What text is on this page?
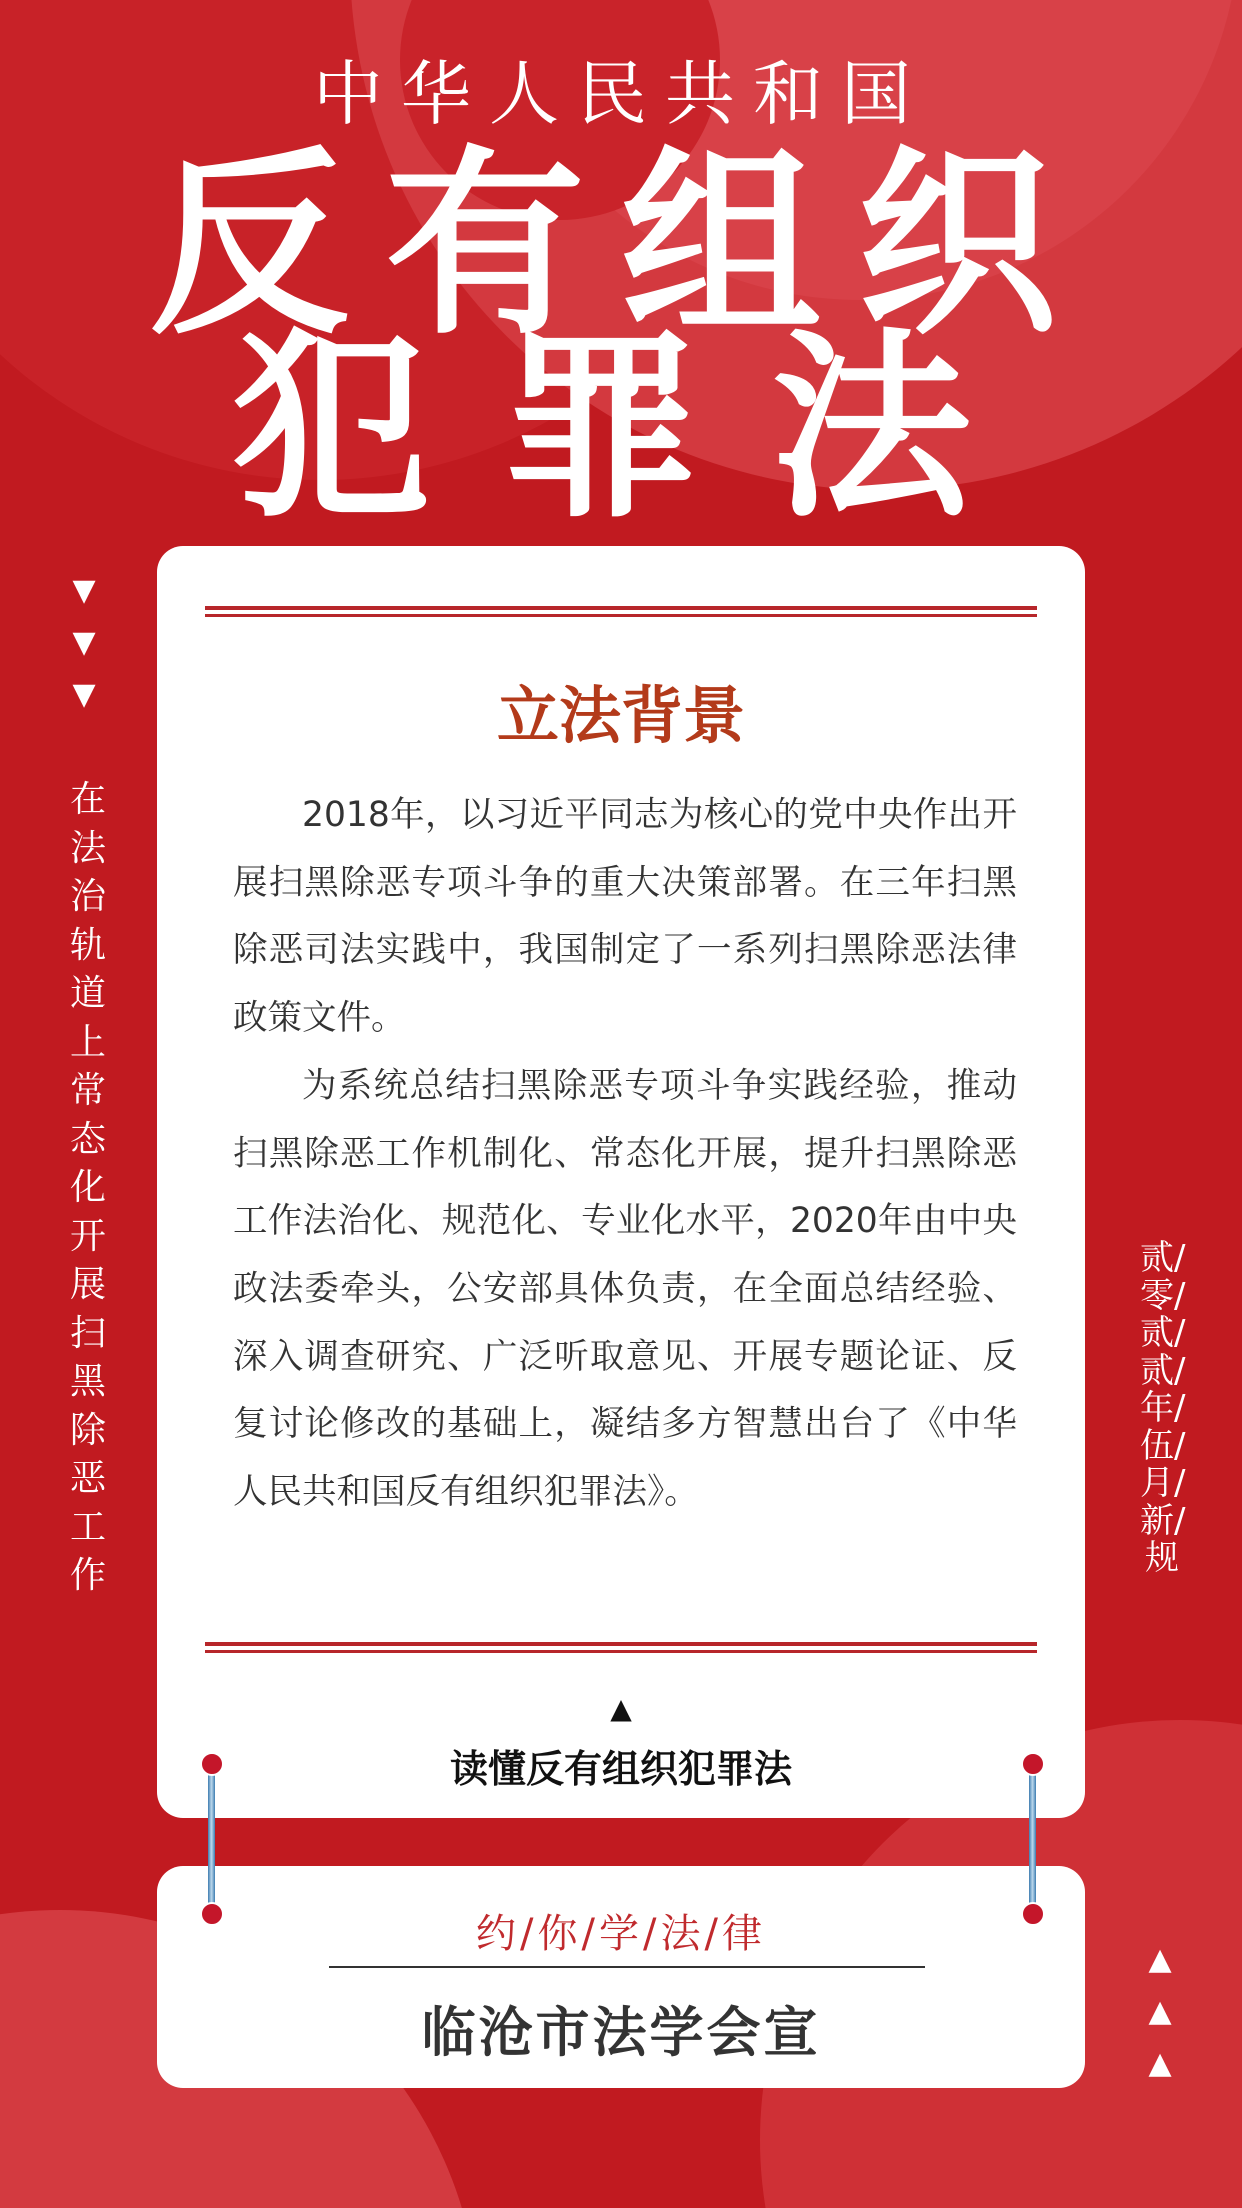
中华人民共和国
反有组织
犯罪法
▼
▼
▼
在法治轨道上常态化开展扫黑除恶工作
贰/零/贰/贰/年/伍/月/新/规
▲
▲
▲
立法背景

2018年，以习近平同志为核心的党中央作出开展扫黑除恶专项斗争的重大决策部署。在三年扫黑除恶司法实践中，我国制定了一系列扫黑除恶法律政策文件。

为系统总结扫黑除恶专项斗争实践经验，推动扫黑除恶工作机制化、常态化开展，提升扫黑除恶工作法治化、规范化、专业化水平，2020年由中央政法委牵头，公安部具体负责，在全面总结经验、深入调查研究、广泛听取意见、开展专题论证、反复讨论修改的基础上，凝结多方智慧出台了《中华人民共和国反有组织犯罪法》。

▲
读懂反有组织犯罪法
约/你/学/法/律
临沧市法学会宣
